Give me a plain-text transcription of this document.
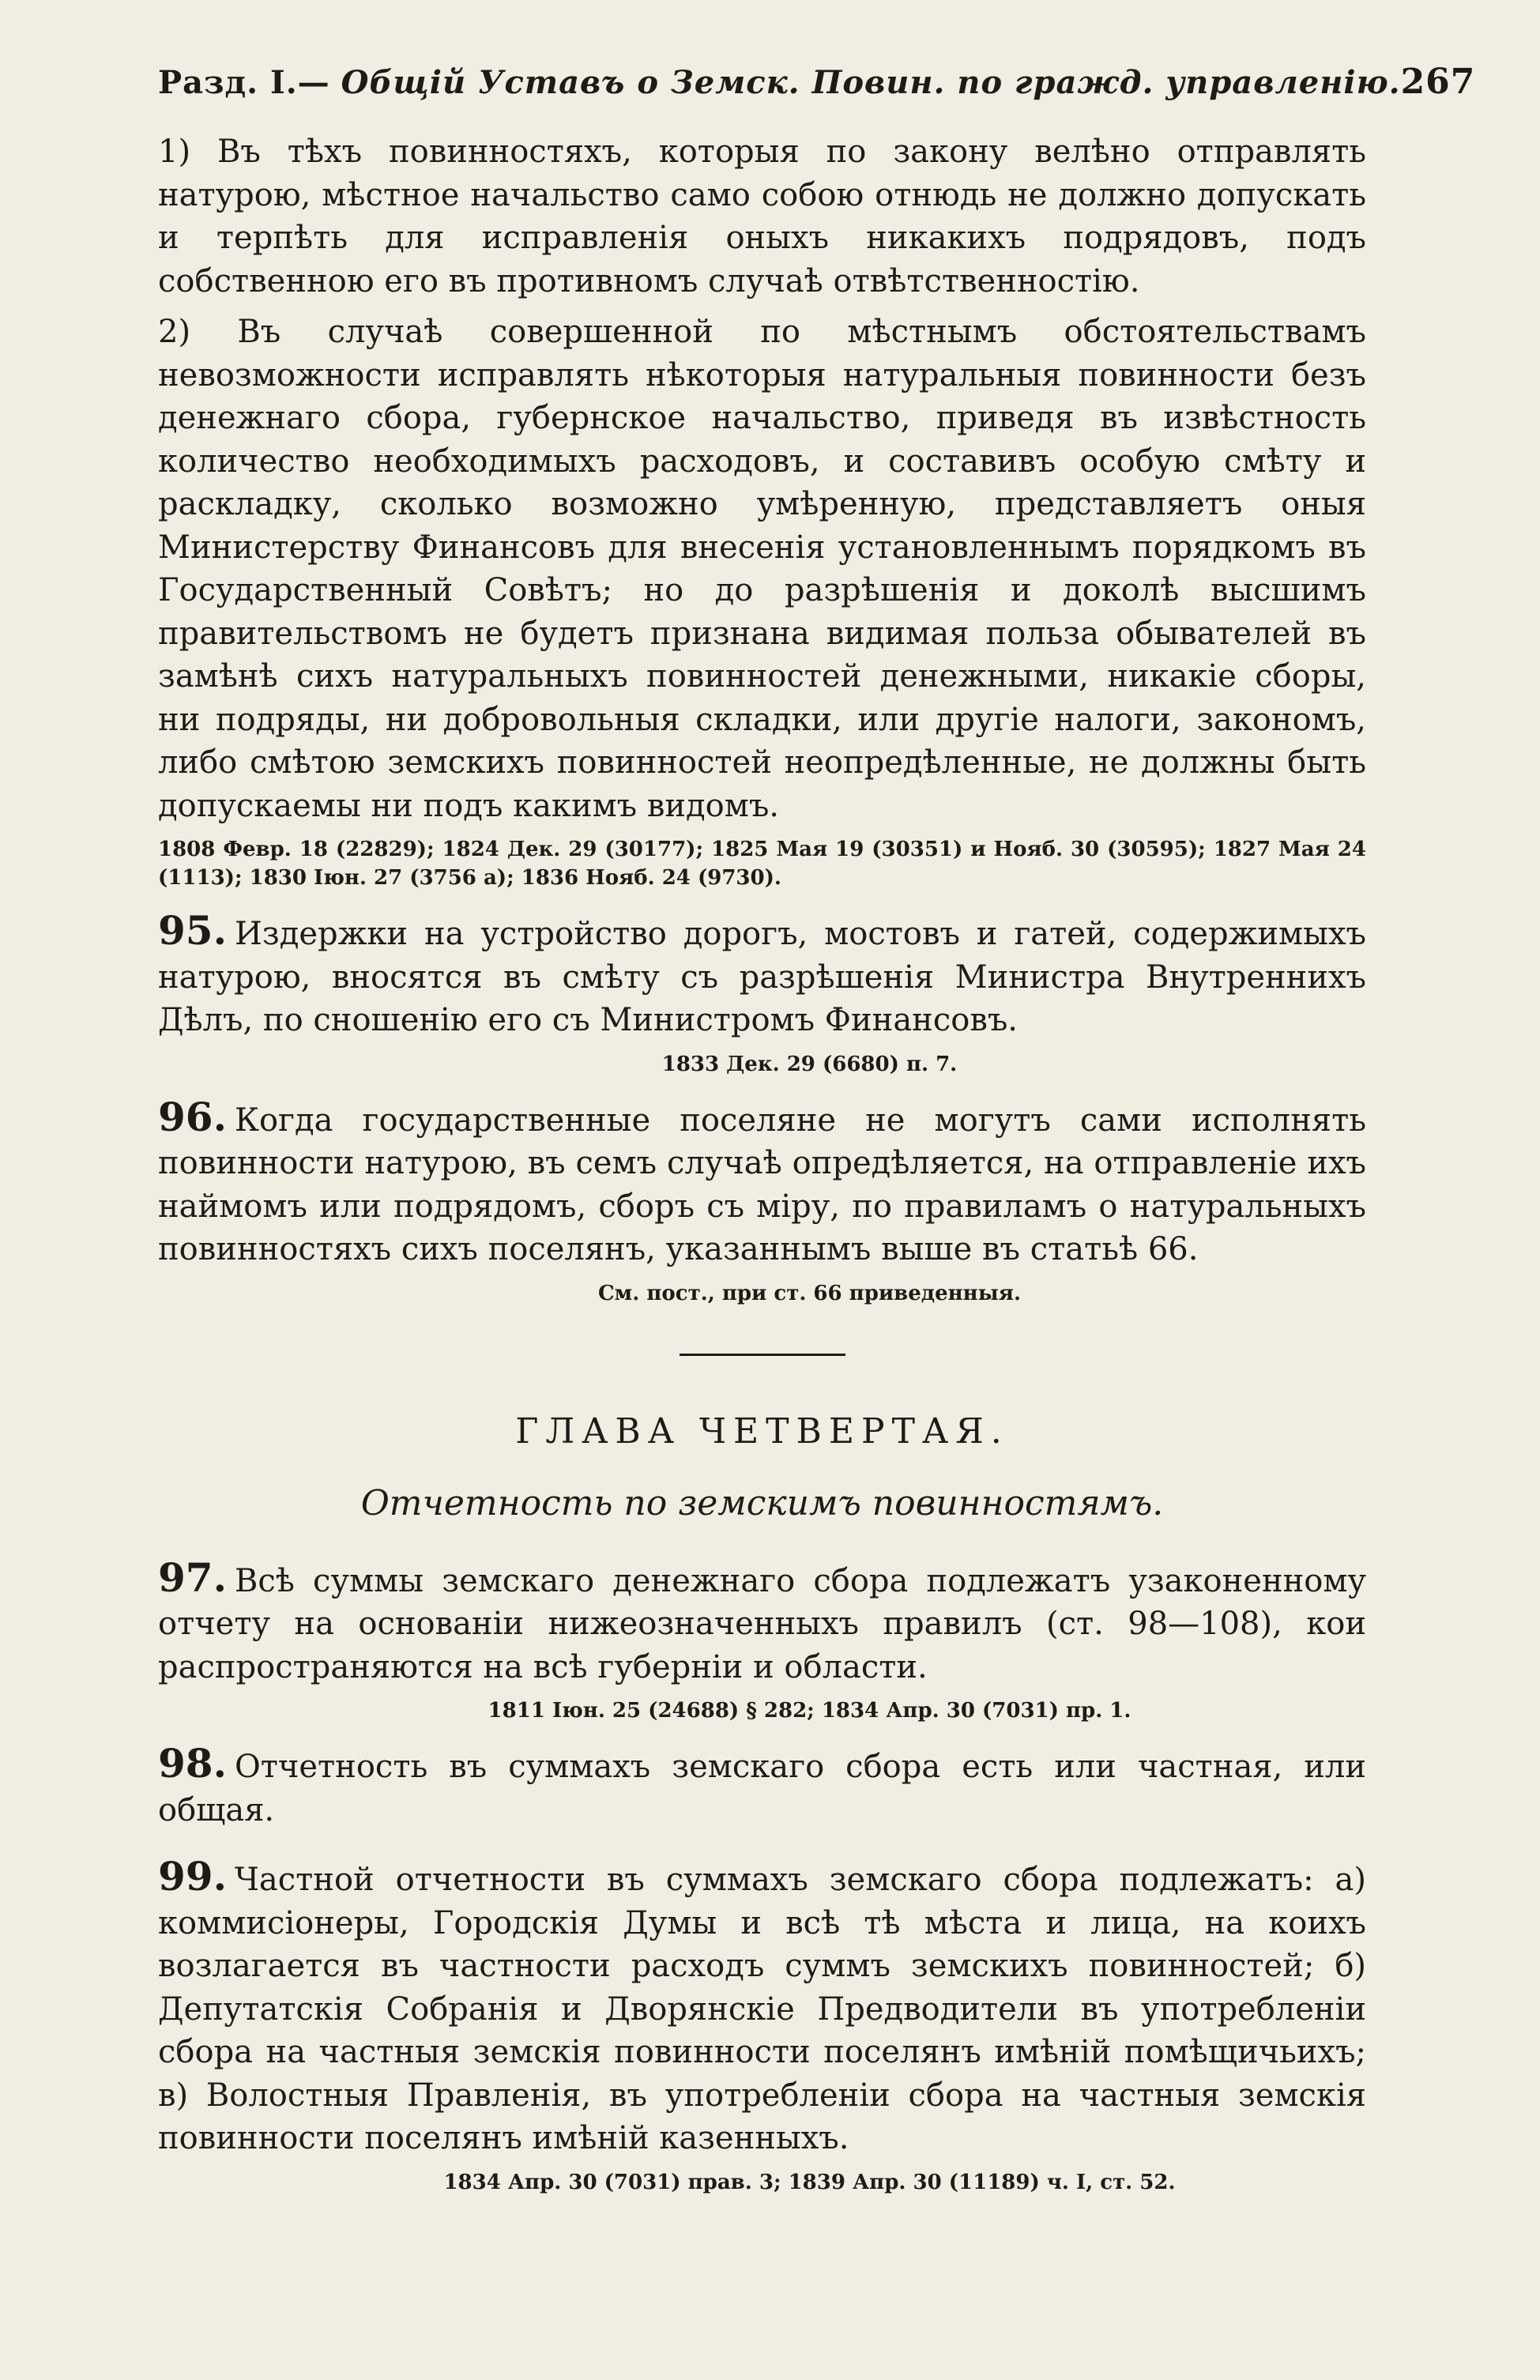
Разд. I.— Общій Уставъ о Земск. Повин. по гражд. управленію. 267

1) Въ тѣхъ повинностяхъ, которыя по закону велѣно отправлять натурою, мѣстное начальство само собою отнюдь не должно допускать и терпѣть для исправленія оныхъ никакихъ подрядовъ, подъ собственною его въ противномъ случаѣ отвѣтственностію.

2) Въ случаѣ совершенной по мѣстнымъ обстоятельствамъ невозможности исправлять нѣкоторыя натуральныя повинности безъ денежнаго сбора, губернское начальство, приведя въ извѣстность количество необходимыхъ расходовъ, и составивъ особую смѣту и раскладку, сколько возможно умѣренную, представляетъ оныя Министерству Финансовъ для внесенія установленнымъ порядкомъ въ Государственный Совѣтъ; но до разрѣшенія и доколѣ высшимъ правительствомъ не будетъ признана видимая польза обывателей въ замѣнѣ сихъ натуральныхъ повинностей денежными, никакіе сборы, ни подряды, ни добровольныя складки, или другіе налоги, закономъ, либо смѣтою земскихъ повинностей неопредѣленные, не должны быть допускаемы ни подъ какимъ видомъ.

1808 Февр. 18 (22829); 1824 Дек. 29 (30177); 1825 Мая 19 (30351) и Нояб. 30 (30595); 1827 Мая 24 (1113); 1830 Іюн. 27 (3756 а); 1836 Нояб. 24 (9730).

95. Издержки на устройство дорогъ, мостовъ и гатей, содержимыхъ натурою, вносятся въ смѣту съ разрѣшенія Министра Внутреннихъ Дѣлъ, по сношенію его съ Министромъ Финансовъ.

1833 Дек. 29 (6680) п. 7.

96. Когда государственные поселяне не могутъ сами исполнять повинности натурою, въ семъ случаѣ опредѣляется, на отправленіе ихъ наймомъ или подрядомъ, сборъ съ міру, по правиламъ о натуральныхъ повинностяхъ сихъ поселянъ, указаннымъ выше въ статьѣ 66.

См. пост., при ст. 66 приведенныя.

ГЛАВА ЧЕТВЕРТАЯ.

Отчетность по земскимъ повинностямъ.

97. Всѣ суммы земскаго денежнаго сбора подлежатъ узаконенному отчету на основаніи нижеозначенныхъ правилъ (ст. 98—108), кои распространяются на всѣ губерніи и области.

1811 Іюн. 25 (24688) § 282; 1834 Апр. 30 (7031) пр. 1.

98. Отчетность въ суммахъ земскаго сбора есть или частная, или общая.

99. Частной отчетности въ суммахъ земскаго сбора подлежатъ: а) коммисіонеры, Городскія Думы и всѣ тѣ мѣста и лица, на коихъ возлагается въ частности расходъ суммъ земскихъ повинностей; б) Депутатскія Собранія и Дворянскіе Предводители въ употребленіи сбора на частныя земскія повинности поселянъ имѣній помѣщичьихъ; в) Волостныя Правленія, въ употребленіи сбора на частныя земскія повинности поселянъ имѣній казенныхъ.

1834 Апр. 30 (7031) прав. 3; 1839 Апр. 30 (11189) ч. I, ст. 52.
